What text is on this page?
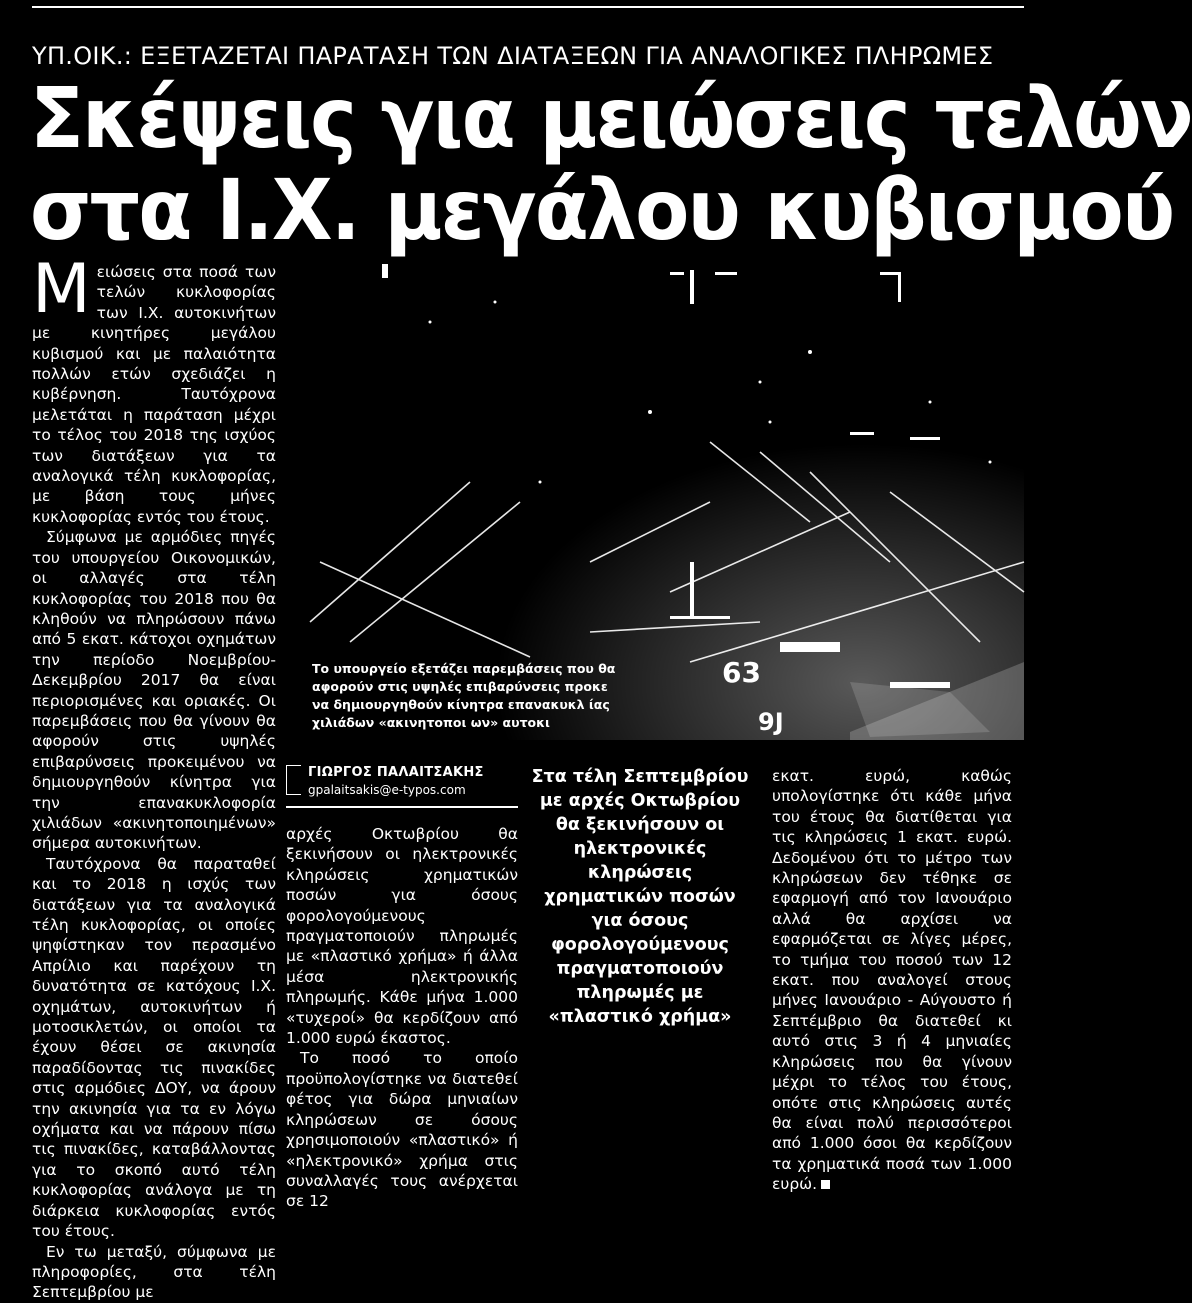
ΥΠ.ΟΙΚ.: ΕΞΕΤΑΖΕΤΑΙ ΠΑΡΑΤΑΣΗ ΤΩΝ ΔΙΑΤΑΞΕΩΝ ΓΙΑ ΑΝΑΛΟΓΙΚΕΣ ΠΛΗΡΩΜΕΣ
Σκέψεις για μειώσεις τελών
στα Ι.Χ. μεγάλου κυβισμού

Μειώσεις στα ποσά των τελών κυκλοφορίας των Ι.Χ. αυτοκινήτων με κινητήρες μεγάλου κυβισμού και με παλαιότητα πολλών ετών σχεδιάζει η κυβέρνηση. Ταυτόχρονα μελετάται η παράταση μέχρι το τέλος του 2018 της ισχύος των διατάξεων για τα αναλογικά τέλη κυκλοφορίας, με βάση τους μήνες κυκλοφορίας εντός του έτους.

Σύμφωνα με αρμόδιες πηγές του υπουργείου Οικονομικών, οι αλλαγές στα τέλη κυκλοφορίας του 2018 που θα κληθούν να πληρώσουν πάνω από 5 εκατ. κάτοχοι οχημάτων την περίοδο Νοεμβρίου-Δεκεμβρίου 2017 θα είναι περιορισμένες και οριακές. Οι παρεμβάσεις που θα γίνουν θα αφορούν στις υψηλές επιβαρύνσεις προκειμένου να δημιουργηθούν κίνητρα για την επανακυκλοφορία χιλιάδων «ακινητοποιημένων» σήμερα αυτοκινήτων.

Ταυτόχρονα θα παραταθεί και το 2018 η ισχύς των διατάξεων για τα αναλογικά τέλη κυκλοφορίας, οι οποίες ψηφίστηκαν τον περασμένο Απρίλιο και παρέχουν τη δυνατότητα σε κατόχους Ι.Χ. οχημάτων, αυτοκινήτων ή μοτοσικλετών, οι οποίοι τα έχουν θέσει σε ακινησία παραδίδοντας τις πινακίδες στις αρμόδιες ΔΟΥ, να άρουν την ακινησία για τα εν λόγω οχήματα και να πάρουν πίσω τις πινακίδες, καταβάλλοντας για το σκοπό αυτό τέλη κυκλοφορίας ανάλογα με τη διάρκεια κυκλοφορίας εντός του έτους.

Εν τω μεταξύ, σύμφωνα με πληροφορίες, στα τέλη Σεπτεμβρίου με

63
9J
Το υπουργείο εξετάζει παρεμβάσεις που θα
αφορούν στις υψηλές επιβαρύνσεις προκε
να δημιουργηθούν κίνητρα επανακυκλ ίας
χιλιάδων «ακινητοποι ων» αυτοκι
ΓΙΩΡΓΟΣ ΠΑΛΑΙΤΣΑΚΗΣ
gpalaitsakis@e-typos.com

αρχές Οκτωβρίου θα ξεκινήσουν οι ηλεκτρονικές κληρώσεις χρηματικών ποσών για όσους φορολογούμενους πραγματοποιούν πληρωμές με «πλαστικό χρήμα» ή άλλα μέσα ηλεκτρονικής πληρωμής. Κάθε μήνα 1.000 «τυχεροί» θα κερδίζουν από 1.000 ευρώ έκαστος.

Το ποσό το οποίο προϋπολογίστηκε να διατεθεί φέτος για δώρα μηνιαίων κληρώσεων σε όσους χρησιμοποιούν «πλαστικό» ή «ηλεκτρονικό» χρήμα στις συναλλαγές τους ανέρχεται σε 12

Στα τέλη Σεπτεμβρίου με αρχές Οκτωβρίου θα ξεκινήσουν οι ηλεκτρονικές κληρώσεις χρηματικών ποσών για όσους φορολογούμενους πραγματοποιούν πληρωμές με «πλαστικό χρήμα»

εκατ. ευρώ, καθώς υπολογίστηκε ότι κάθε μήνα του έτους θα διατίθεται για τις κληρώσεις 1 εκατ. ευρώ. Δεδομένου ότι το μέτρο των κληρώσεων δεν τέθηκε σε εφαρμογή από τον Ιανουάριο αλλά θα αρχίσει να εφαρμόζεται σε λίγες μέρες, το τμήμα του ποσού των 12 εκατ. που αναλογεί στους μήνες Ιανουάριο - Αύγουστο ή Σεπτέμβριο θα διατεθεί κι αυτό στις 3 ή 4 μηνιαίες κληρώσεις που θα γίνουν μέχρι το τέλος του έτους, οπότε στις κληρώσεις αυτές θα είναι πολύ περισσότεροι από 1.000 όσοι θα κερδίζουν τα χρηματικά ποσά των 1.000 ευρώ.
